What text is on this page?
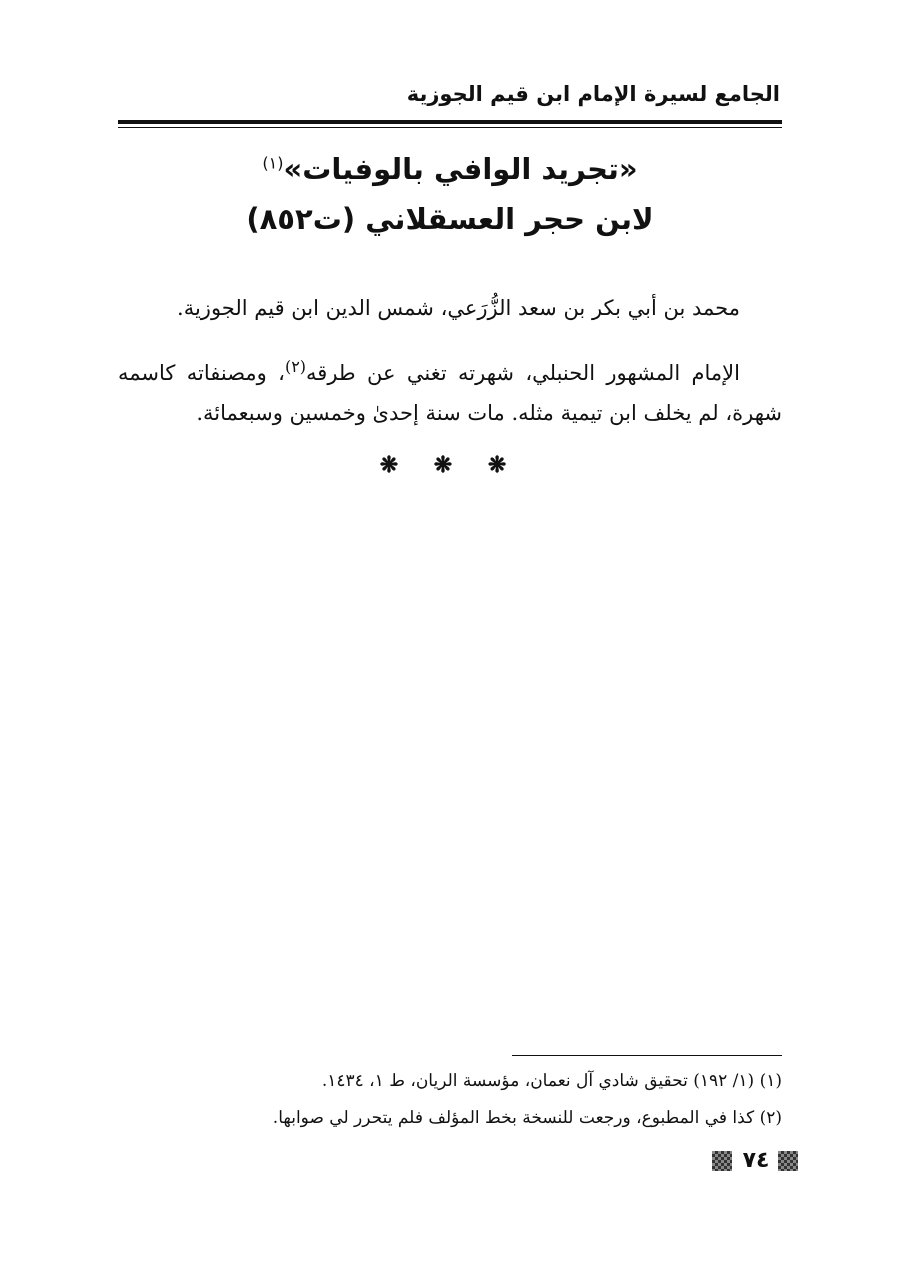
الجامع لسيرة الإمام ابن قيم الجوزية
«تجريد الوافي بالوفيات»$^{(١)}$
لابن حجر العسقلاني (ت٨٥٢)
محمد بن أبي بكر بن سعد الزُّرَعي، شمس الدين ابن قيم الجوزية.
الإمام المشهور الحنبلي، شهرته تغني عن طرقه$^{(٢)}$، ومصنفاته كاسمه شهرة، لم يخلف ابن تيمية مثله. مات سنة إحدىٰ وخمسين وسبعمائة.
❋ ❋ ❋
(١) (١/ ١٩٢) تحقيق شادي آل نعمان، مؤسسة الريان، ط ١، ١٤٣٤.
(٢) كذا في المطبوع، ورجعت للنسخة بخط المؤلف فلم يتحرر لي صوابها.
٧٤
